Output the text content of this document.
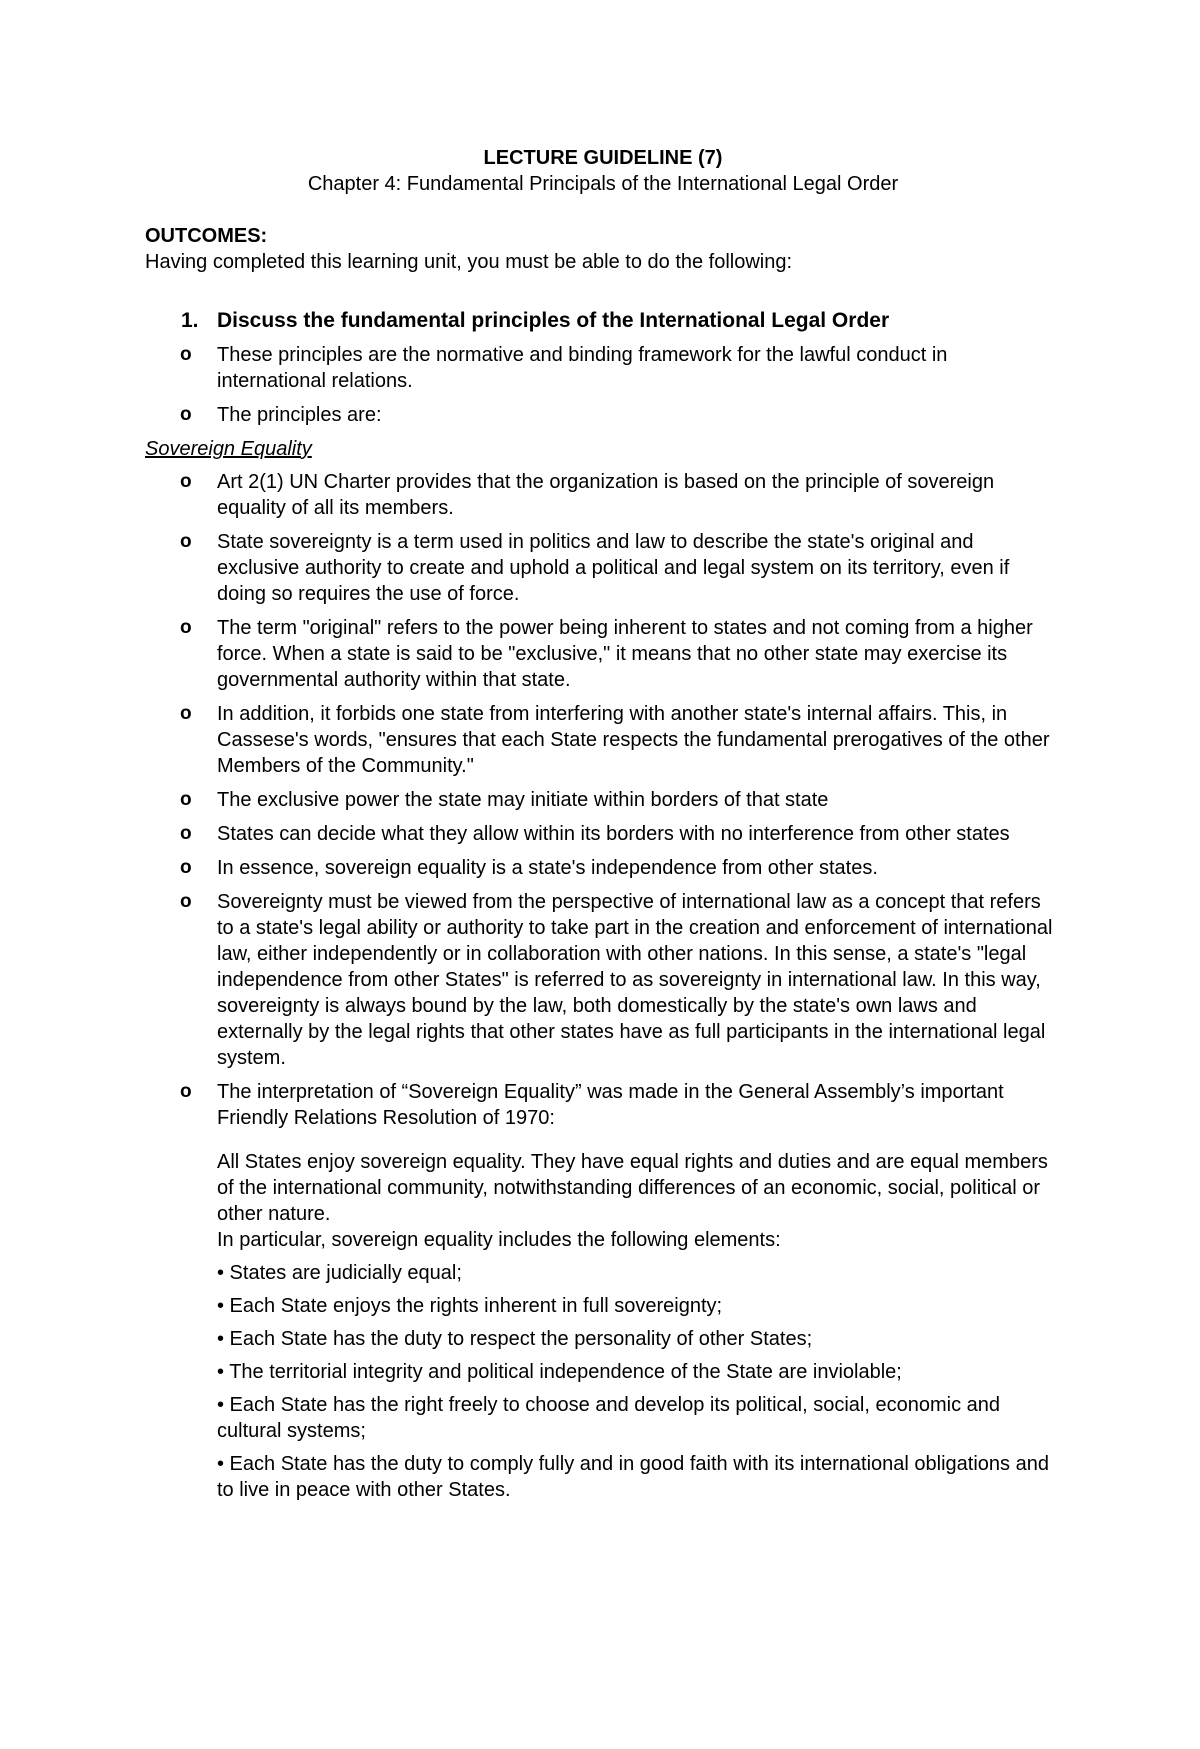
LECTURE GUIDELINE (7)

Chapter 4: Fundamental Principals of the International Legal Order

OUTCOMES:

Having completed this learning unit, you must be able to do the following:

1. Discuss the fundamental principles of the International Legal Order
o	These principles are the normative and binding framework for the lawful conduct in international relations.
o	The principles are:

Sovereign Equality

o	Art 2(1) UN Charter provides that the organization is based on the principle of sovereign equality of all its members.
o	State sovereignty is a term used in politics and law to describe the state's original and exclusive authority to create and uphold a political and legal system on its territory, even if doing so requires the use of force.
o	The term "original" refers to the power being inherent to states and not coming from a higher force. When a state is said to be "exclusive," it means that no other state may exercise its governmental authority within that state.
o	In addition, it forbids one state from interfering with another state's internal affairs. This, in Cassese's words, "ensures that each State respects the fundamental prerogatives of the other Members of the Community."
o	The exclusive power the state may initiate within borders of that state
o	States can decide what they allow within its borders with no interference from other states
o	In essence, sovereign equality is a state's independence from other states.
o	Sovereignty must be viewed from the perspective of international law as a concept that refers to a state's legal ability or authority to take part in the creation and enforcement of international law, either independently or in collaboration with other nations. In this sense, a state's "legal independence from other States" is referred to as sovereignty in international law. In this way, sovereignty is always bound by the law, both domestically by the state's own laws and externally by the legal rights that other states have as full participants in the international legal system.
o	The interpretation of “Sovereign Equality” was made in the General Assembly’s important Friendly Relations Resolution of 1970:

All States enjoy sovereign equality. They have equal rights and duties and are equal members of the international community, notwithstanding differences of an economic, social, political or other nature.

In particular, sovereign equality includes the following elements:

• States are judicially equal;
• Each State enjoys the rights inherent in full sovereignty;
• Each State has the duty to respect the personality of other States;
• The territorial integrity and political independence of the State are inviolable;
• Each State has the right freely to choose and develop its political, social, economic and cultural systems;
• Each State has the duty to comply fully and in good faith with its international obligations and to live in peace with other States.
